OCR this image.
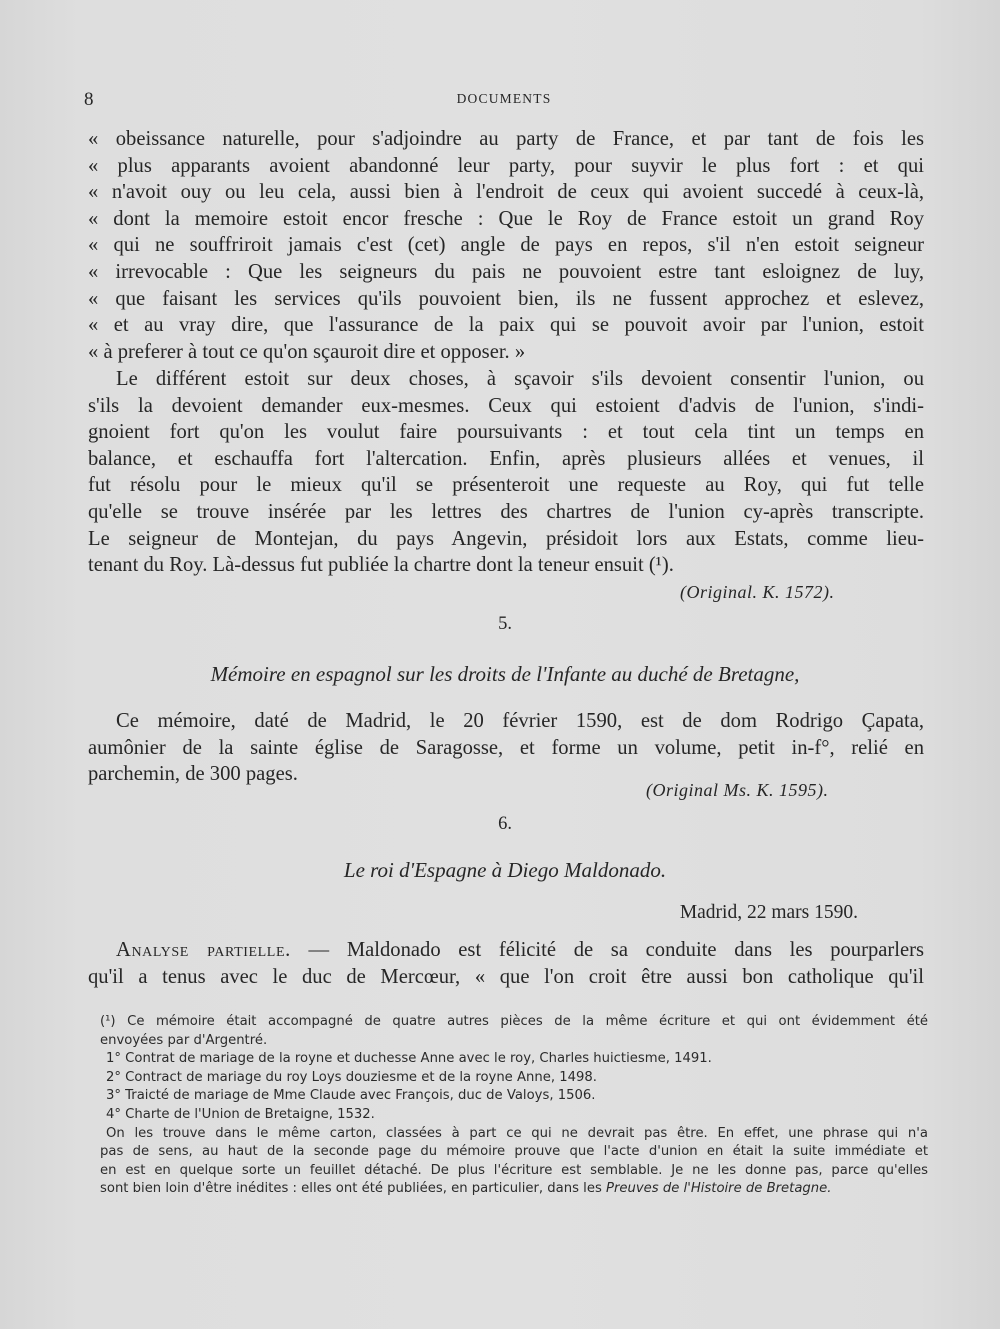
8	DOCUMENTS
« obeissance naturelle, pour s'adjoindre au party de France, et par tant de fois les
« plus apparants avoient abandonné leur party, pour suyvir le plus fort : et qui
« n'avoit ouy ou leu cela, aussi bien à l'endroit de ceux qui avoient succedé à ceux-là,
« dont la memoire estoit encor fresche : Que le Roy de France estoit un grand Roy
« qui ne souffriroit jamais c'est (cet) angle de pays en repos, s'il n'en estoit seigneur
« irrevocable : Que les seigneurs du pais ne pouvoient estre tant esloignez de luy,
« que faisant les services qu'ils pouvoient bien, ils ne fussent approchez et eslevez,
« et au vray dire, que l'assurance de la paix qui se pouvoit avoir par l'union, estoit
« à preferer à tout ce qu'on sçauroit dire et opposer. »
Le différent estoit sur deux choses, à sçavoir s'ils devoient consentir l'union, ou
s'ils la devoient demander eux-mesmes. Ceux qui estoient d'advis de l'union, s'indi-
gnoient fort qu'on les voulut faire poursuivants : et tout cela tint un temps en
balance, et eschauffa fort l'altercation. Enfin, après plusieurs allées et venues, il
fut résolu pour le mieux qu'il se présenteroit une requeste au Roy, qui fut telle
qu'elle se trouve insérée par les lettres des chartres de l'union cy-après transcripte.
Le seigneur de Montejan, du pays Angevin, présidoit lors aux Estats, comme lieu-
tenant du Roy. Là-dessus fut publiée la chartre dont la teneur ensuit (¹).
(Original. K. 1572).
5.
Mémoire en espagnol sur les droits de l'Infante au duché de Bretagne,
Ce mémoire, daté de Madrid, le 20 février 1590, est de dom Rodrigo Çapata,
aumônier de la sainte église de Saragosse, et forme un volume, petit in-f°, relié en
parchemin, de 300 pages.
(Original Ms. K. 1595).
6.
Le roi d'Espagne à Diego Maldonado.
Madrid, 22 mars 1590.
Analyse partielle. — Maldonado est félicité de sa conduite dans les pourparlers
qu'il a tenus avec le duc de Mercœur, « que l'on croit être aussi bon catholique qu'il
(¹) Ce mémoire était accompagné de quatre autres pièces de la même écriture et qui ont évidemment été
envoyées par d'Argentré.
1° Contrat de mariage de la royne et duchesse Anne avec le roy, Charles huictiesme, 1491.
2° Contract de mariage du roy Loys douziesme et de la royne Anne, 1498.
3° Traicté de mariage de Mme Claude avec François, duc de Valoys, 1506.
4° Charte de l'Union de Bretaigne, 1532.
On les trouve dans le même carton, classées à part ce qui ne devrait pas être. En effet, une phrase qui n'a
pas de sens, au haut de la seconde page du mémoire prouve que l'acte d'union en était la suite immédiate et
en est en quelque sorte un feuillet détaché. De plus l'écriture est semblable. Je ne les donne pas, parce qu'elles
sont bien loin d'être inédites : elles ont été publiées, en particulier, dans les Preuves de l'Histoire de Bretagne.
